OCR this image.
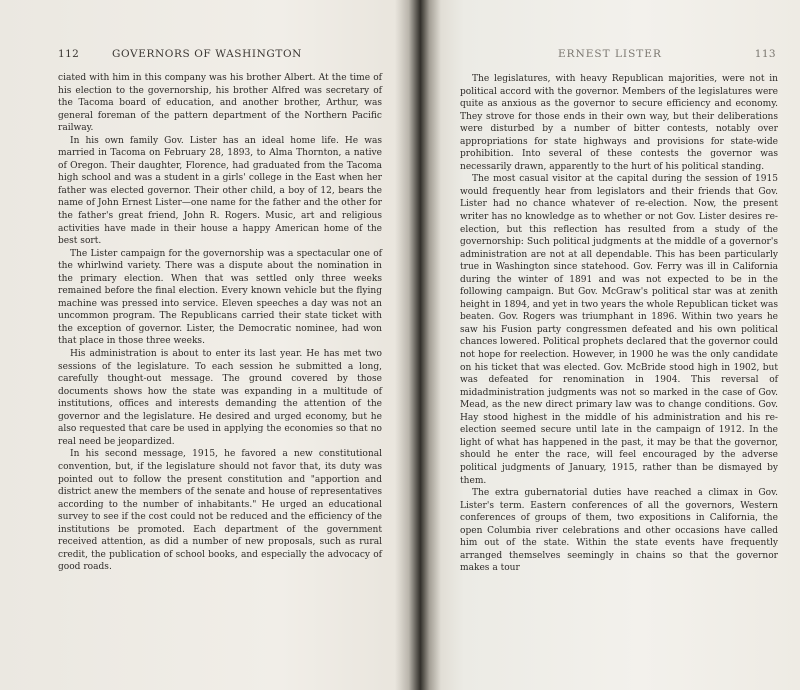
112	GOVERNORS OF WASHINGTON

ciated with him in this company was his brother Albert. At the time of his election to the governorship, his brother Alfred was secretary of the Tacoma board of education, and another brother, Arthur, was general foreman of the pattern department of the Northern Pacific railway.

In his own family Gov. Lister has an ideal home life. He was married in Tacoma on February 28, 1893, to Alma Thornton, a native of Oregon. Their daughter, Florence, had graduated from the Tacoma high school and was a student in a girls' college in the East when her father was elected governor. Their other child, a boy of 12, bears the name of John Ernest Lister—one name for the father and the other for the father's great friend, John R. Rogers. Music, art and religious activities have made in their house a happy American home of the best sort.

The Lister campaign for the governorship was a spectacular one of the whirlwind variety. There was a dispute about the nomination in the primary election. When that was settled only three weeks remained before the final election. Every known vehicle but the flying machine was pressed into service. Eleven speeches a day was not an uncommon program. The Republicans carried their state ticket with the exception of governor. Lister, the Democratic nominee, had won that place in those three weeks.

His administration is about to enter its last year. He has met two sessions of the legislature. To each session he submitted a long, carefully thought-out message. The ground covered by those documents shows how the state was expanding in a multitude of institutions, offices and interests demanding the attention of the governor and the legislature. He desired and urged economy, but he also requested that care be used in applying the economies so that no real need be jeopardized.

In his second message, 1915, he favored a new constitutional convention, but, if the legislature should not favor that, its duty was pointed out to follow the present constitution and "apportion and district anew the members of the senate and house of representatives according to the number of inhabitants." He urged an educational survey to see if the cost could not be reduced and the efficiency of the institutions be promoted. Each department of the government received attention, as did a number of new proposals, such as rural credit, the publication of school books, and especially the advocacy of good roads.

ERNEST LISTER	113

The legislatures, with heavy Republican majorities, were not in political accord with the governor. Members of the legislatures were quite as anxious as the governor to secure efficiency and economy. They strove for those ends in their own way, but their deliberations were disturbed by a number of bitter contests, notably over appropriations for state highways and provisions for state-wide prohibition. Into several of these contests the governor was necessarily drawn, apparently to the hurt of his political standing.

The most casual visitor at the capital during the session of 1915 would frequently hear from legislators and their friends that Gov. Lister had no chance whatever of re-election. Now, the present writer has no knowledge as to whether or not Gov. Lister desires re-election, but this reflection has resulted from a study of the governorship: Such political judgments at the middle of a governor's administration are not at all dependable. This has been particularly true in Washington since statehood. Gov. Ferry was ill in California during the winter of 1891 and was not expected to be in the following campaign. But Gov. McGraw's political star was at zenith height in 1894, and yet in two years the whole Republican ticket was beaten. Gov. Rogers was triumphant in 1896. Within two years he saw his Fusion party congressmen defeated and his own political chances lowered. Political prophets declared that the governor could not hope for reelection. However, in 1900 he was the only candidate on his ticket that was elected. Gov. McBride stood high in 1902, but was defeated for renomination in 1904. This reversal of midadministration judgments was not so marked in the case of Gov. Mead, as the new direct primary law was to change conditions. Gov. Hay stood highest in the middle of his administration and his re-election seemed secure until late in the campaign of 1912. In the light of what has happened in the past, it may be that the governor, should he enter the race, will feel encouraged by the adverse political judgments of January, 1915, rather than be dismayed by them.

The extra gubernatorial duties have reached a climax in Gov. Lister's term. Eastern conferences of all the governors, Western conferences of groups of them, two expositions in California, the open Columbia river celebrations and other occasions have called him out of the state. Within the state events have frequently arranged themselves seemingly in chains so that the governor makes a tour
